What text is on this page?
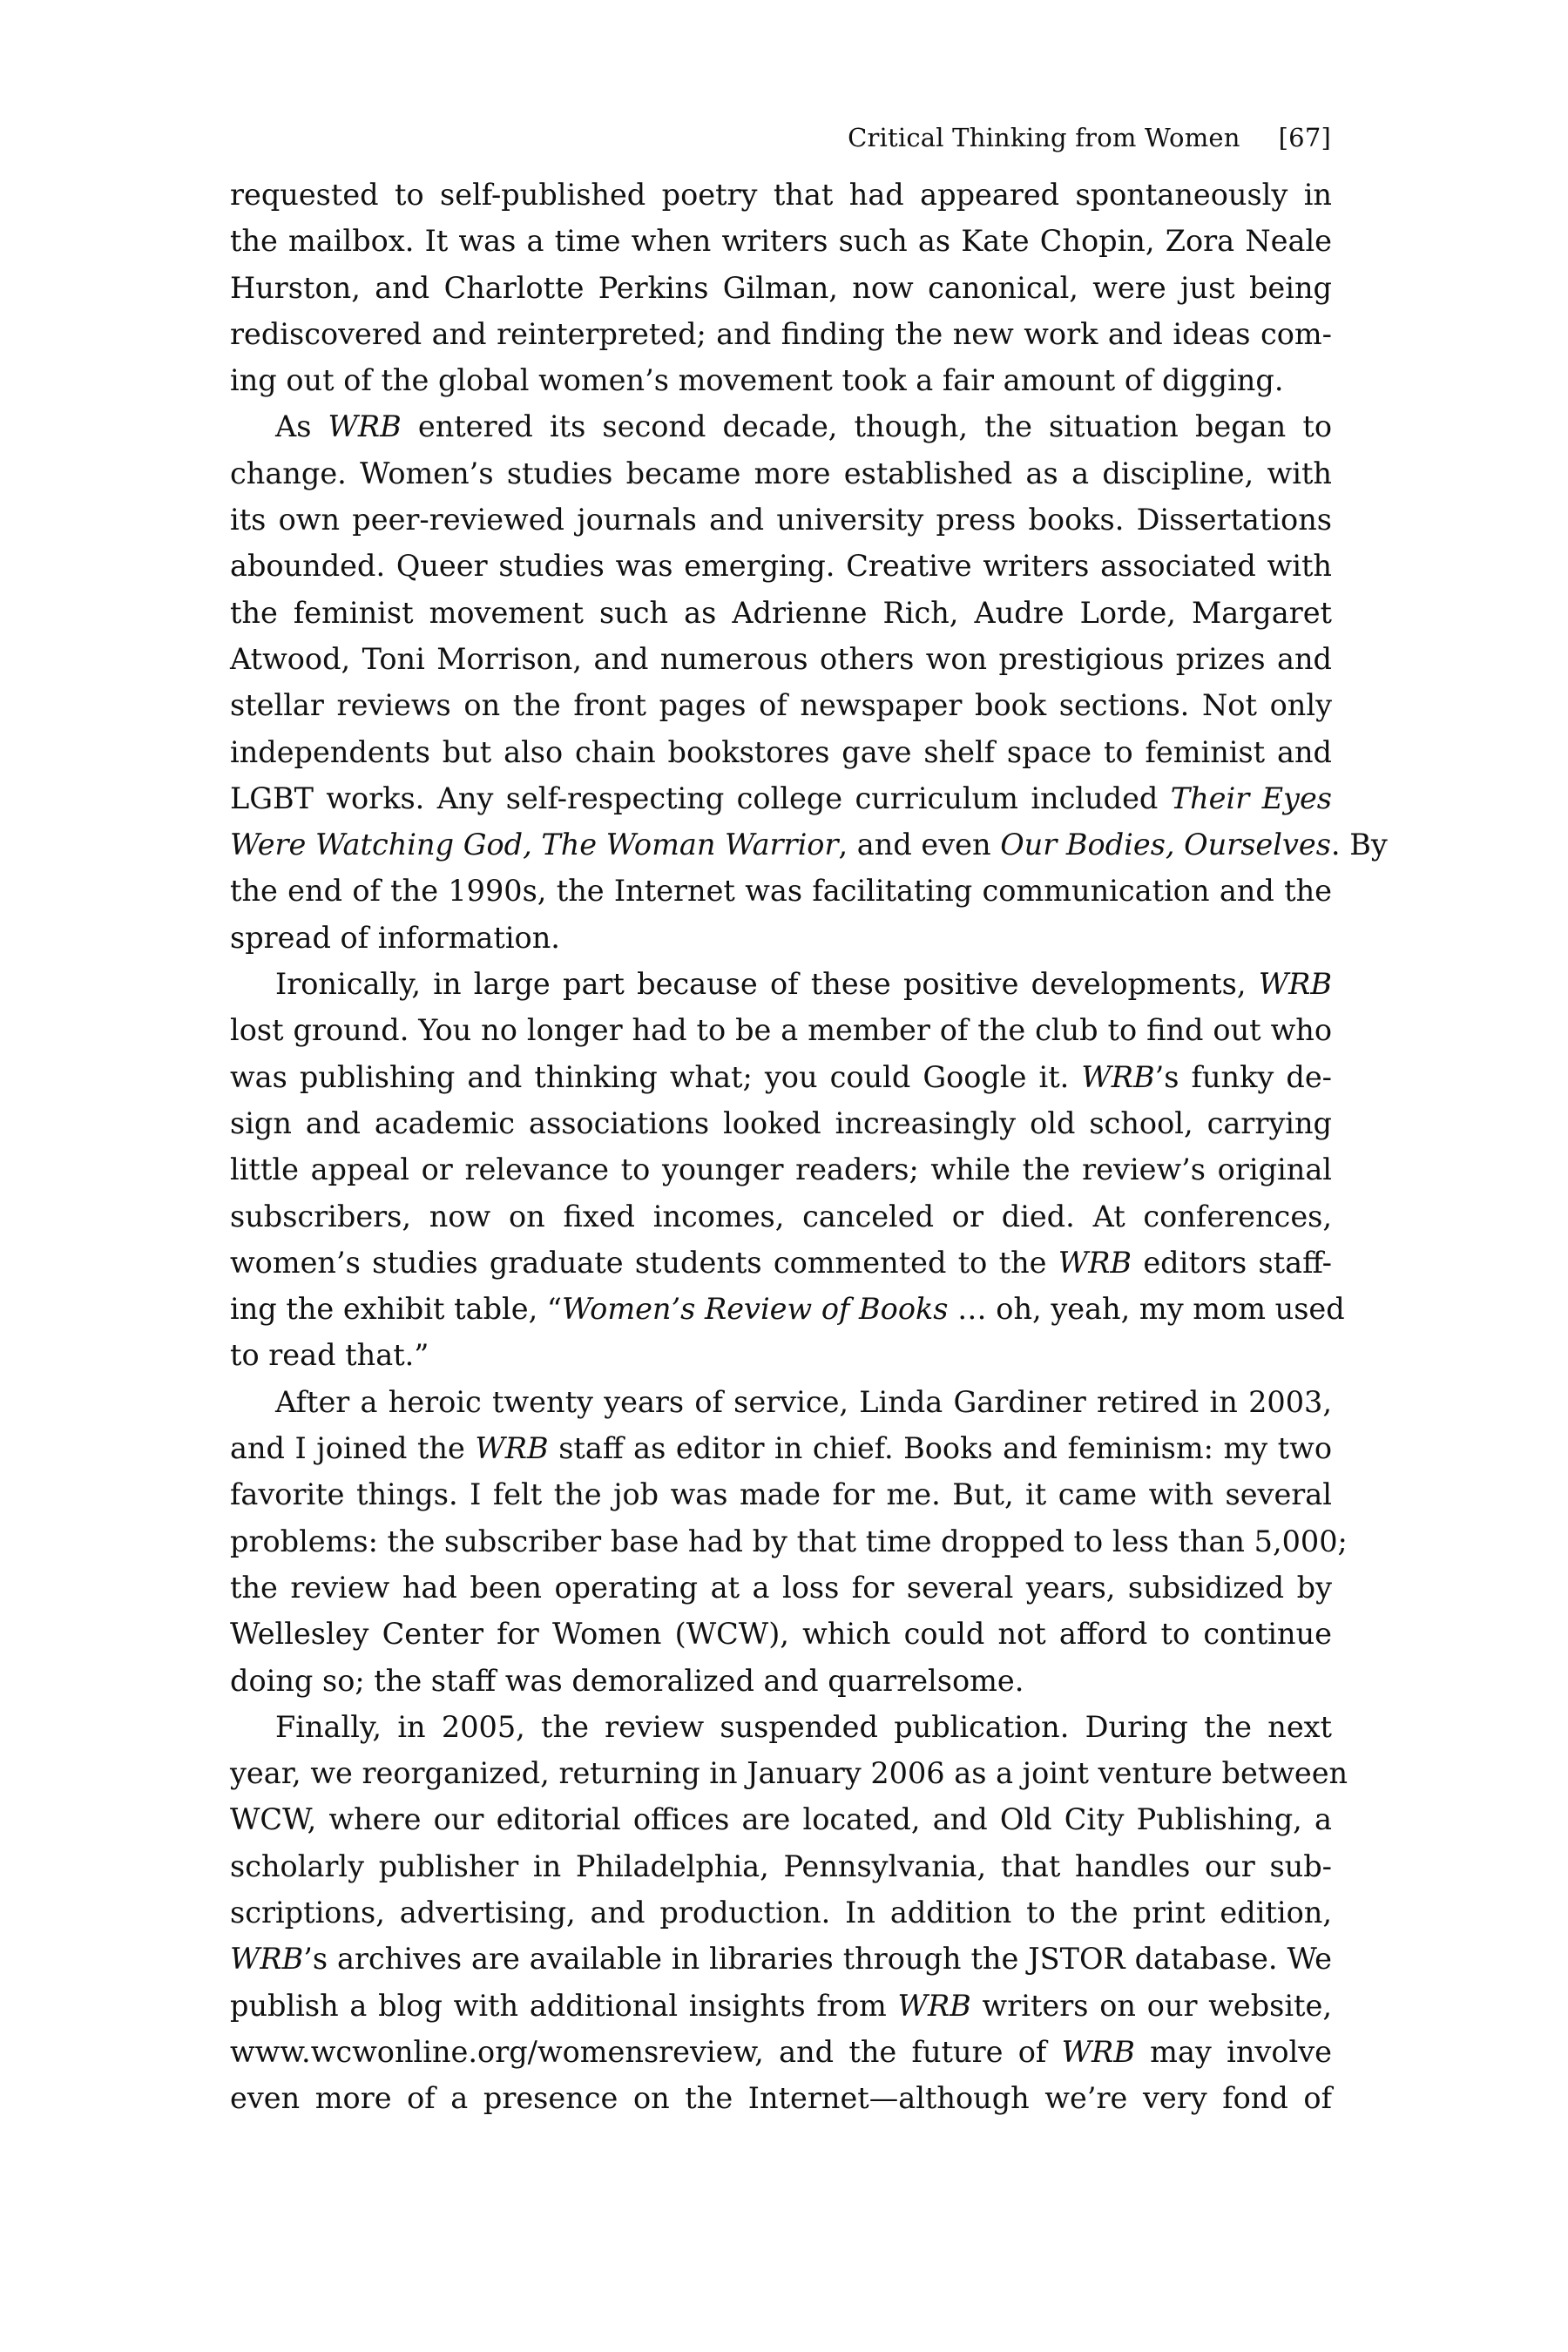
Critical Thinking from Women [67]
requested to self-published poetry that had appeared spontaneously in
the mailbox. It was a time when writers such as Kate Chopin, Zora Neale
Hurston, and Charlotte Perkins Gilman, now canonical, were just being
rediscovered and reinterpreted; and finding the new work and ideas com-
ing out of the global women’s movement took a fair amount of digging.
As WRB entered its second decade, though, the situation began to
change. Women’s studies became more established as a discipline, with
its own peer-reviewed journals and university press books. Dissertations
abounded. Queer studies was emerging. Creative writers associated with
the feminist movement such as Adrienne Rich, Audre Lorde, Margaret
Atwood, Toni Morrison, and numerous others won prestigious prizes and
stellar reviews on the front pages of newspaper book sections. Not only
independents but also chain bookstores gave shelf space to feminist and
LGBT works. Any self-respecting college curriculum included Their Eyes
Were Watching God, The Woman Warrior, and even Our Bodies, Ourselves. By
the end of the 1990s, the Internet was facilitating communication and the
spread of information.
Ironically, in large part because of these positive developments, WRB
lost ground. You no longer had to be a member of the club to find out who
was publishing and thinking what; you could Google it. WRB’s funky de-
sign and academic associations looked increasingly old school, carrying
little appeal or relevance to younger readers; while the review’s original
subscribers, now on fixed incomes, canceled or died. At conferences,
women’s studies graduate students commented to the WRB editors staff-
ing the exhibit table, “Women’s Review of Books … oh, yeah, my mom used
to read that.”
After a heroic twenty years of service, Linda Gardiner retired in 2003,
and I joined the WRB staff as editor in chief. Books and feminism: my two
favorite things. I felt the job was made for me. But, it came with several
problems: the subscriber base had by that time dropped to less than 5,000;
the review had been operating at a loss for several years, subsidized by
Wellesley Center for Women (WCW), which could not afford to continue
doing so; the staff was demoralized and quarrelsome.
Finally, in 2005, the review suspended publication. During the next
year, we reorganized, returning in January 2006 as a joint venture between
WCW, where our editorial offices are located, and Old City Publishing, a
scholarly publisher in Philadelphia, Pennsylvania, that handles our sub-
scriptions, advertising, and production. In addition to the print edition,
WRB’s archives are available in libraries through the JSTOR database. We
publish a blog with additional insights from WRB writers on our website,
www.wcwonline.org/womensreview, and the future of WRB may involve
even more of a presence on the Internet—although we’re very fond of
